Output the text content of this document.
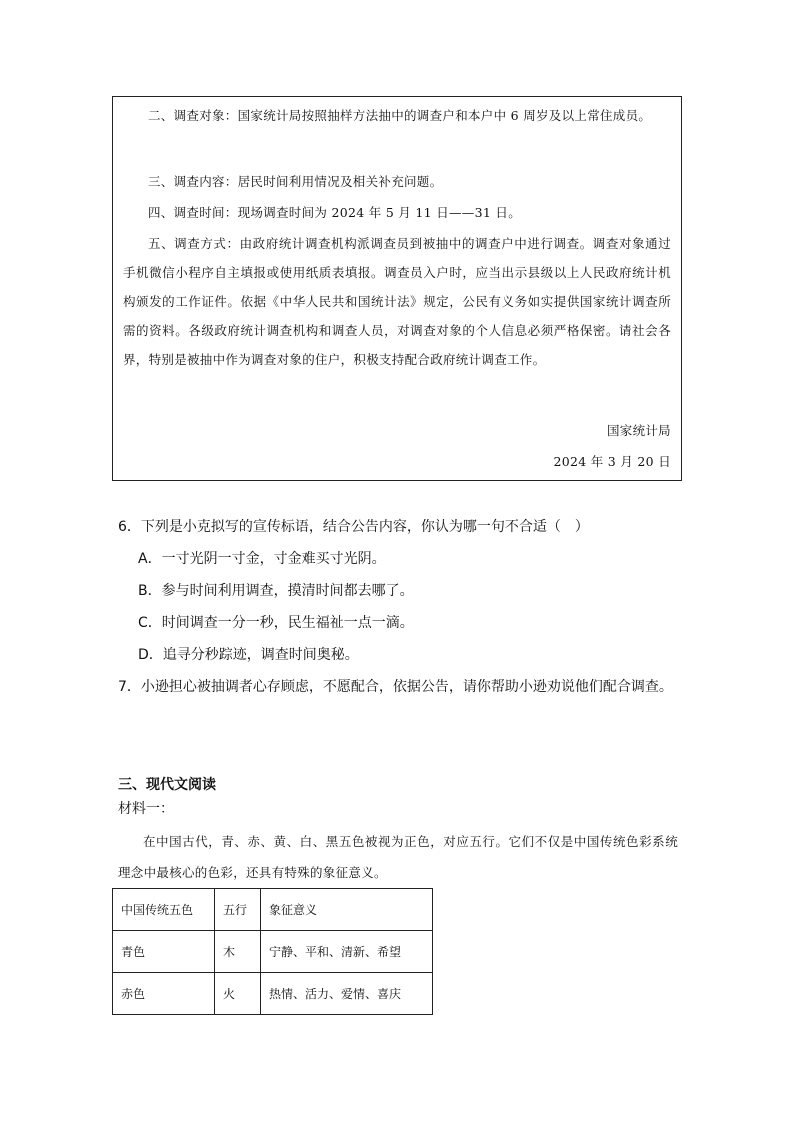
二、调查对象：国家统计局按照抽样方法抽中的调查户和本户中 6 周岁及以上常住成员。

三、调查内容：居民时间利用情况及相关补充问题。

四、调查时间：现场调查时间为 2024 年 5 月 11 日——31 日。

五、调查方式：由政府统计调查机构派调查员到被抽中的调查户中进行调查。调查对象通过手机微信小程序自主填报或使用纸质表填报。调查员入户时，应当出示县级以上人民政府统计机构颁发的工作证件。依据《中华人民共和国统计法》规定，公民有义务如实提供国家统计调查所需的资料。各级政府统计调查机构和调查人员，对调查对象的个人信息必须严格保密。请社会各界，特别是被抽中作为调查对象的住户，积极支持配合政府统计调查工作。

国家统计局

2024 年 3 月 20 日

6．下列是小克拟写的宣传标语，结合公告内容，你认为哪一句不合适（　）
A．一寸光阴一寸金，寸金难买寸光阴。
B．参与时间利用调查，摸清时间都去哪了。
C．时间调查一分一秒，民生福祉一点一滴。
D．追寻分秒踪迹，调查时间奥秘。
7．小逊担心被抽调者心存顾虑，不愿配合，依据公告，请你帮助小逊劝说他们配合调查。
三、现代文阅读
材料一：

在中国古代，青、赤、黄、白、黑五色被视为正色，对应五行。它们不仅是中国传统色彩系统理念中最核心的色彩，还具有特殊的象征意义。

中国传统五色	五行	象征意义
青色	木	宁静、平和、清新、希望
赤色	火	热情、活力、爱情、喜庆
